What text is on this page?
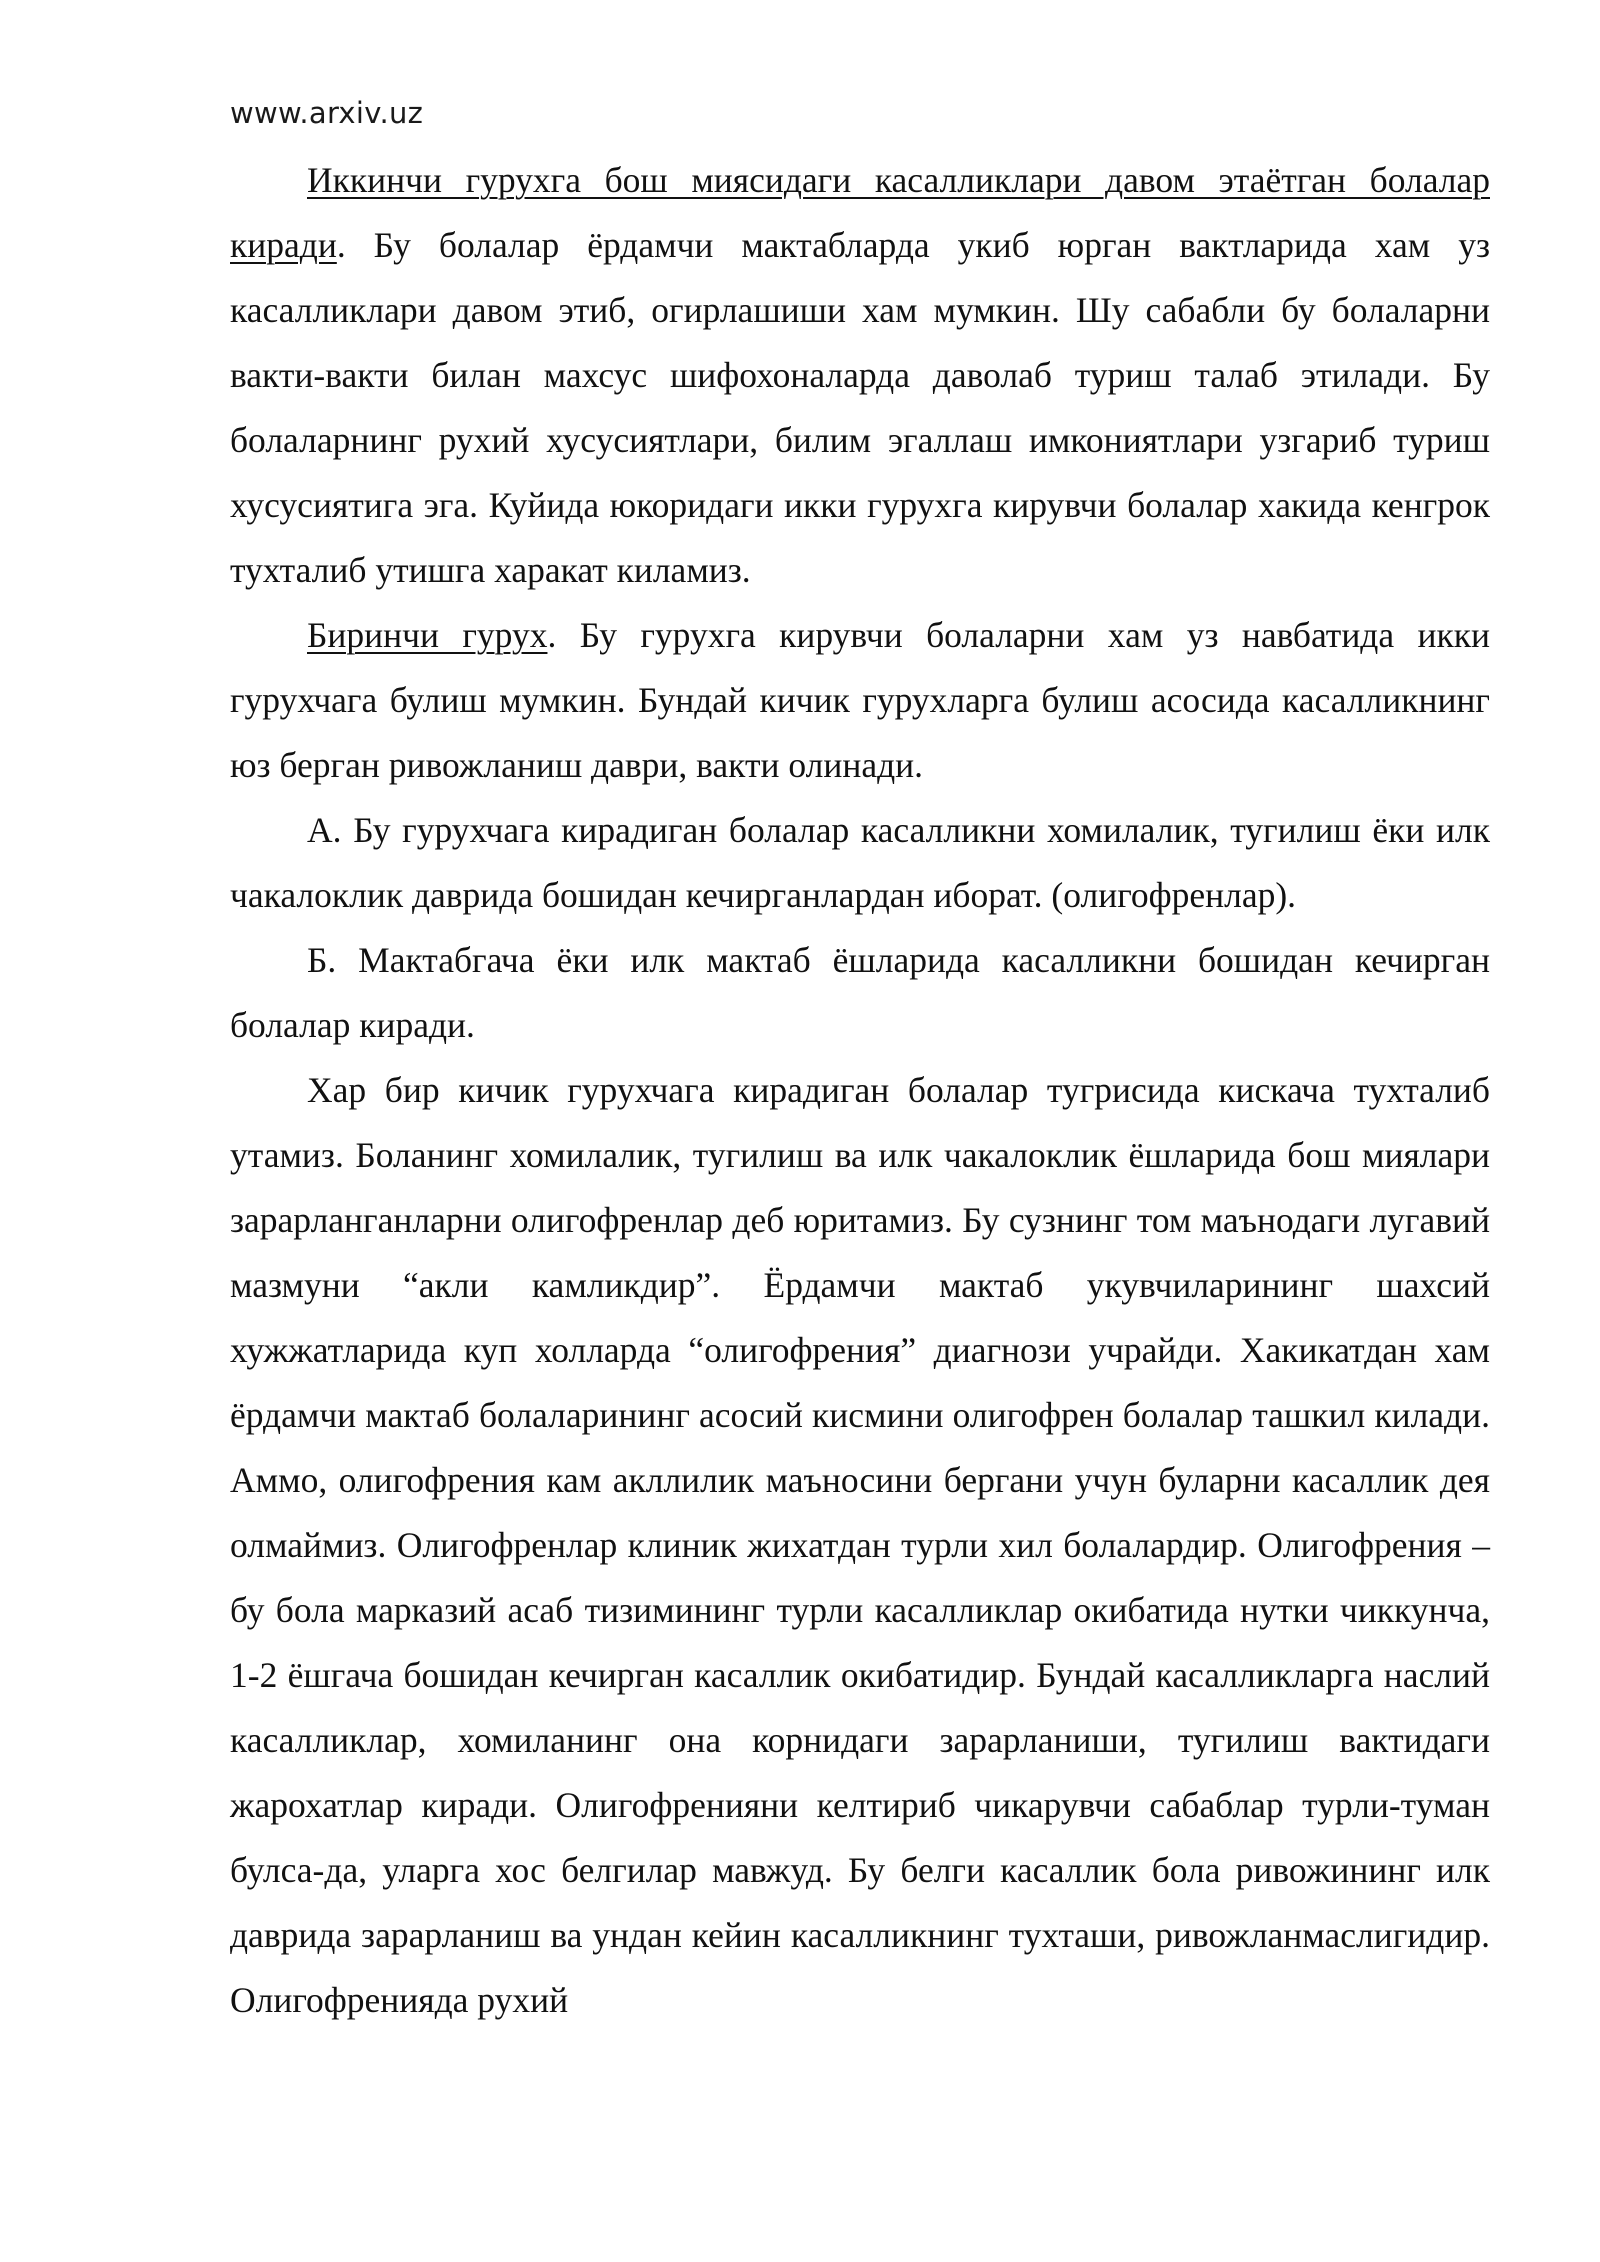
www.arxiv.uz

Иккинчи гурухга бош миясидаги касалликлари давом этаётган болалар киради. Бу болалар ёрдамчи мактабларда укиб юрган вактларида хам уз касалликлари давом этиб, огирлашиши хам мумкин. Шу сабабли бу болаларни вакти-вакти билан махсус шифохоналарда даволаб туриш талаб этилади. Бу болаларнинг рухий хусусиятлари, билим эгаллаш имкониятлари узгариб туриш хусусиятига эга. Куйида юкоридаги икки гурухга кирувчи болалар хакида кенгрок тухталиб утишга харакат киламиз.

Биринчи гурух. Бу гурухга кирувчи болаларни хам уз навбатида икки гурухчага булиш мумкин. Бундай кичик гурухларга булиш асосида касалликнинг юз берган ривожланиш даври, вакти олинади.

А. Бу гурухчага кирадиган болалар касалликни хомилалик, тугилиш ёки илк чакалоклик даврида бошидан кечирганлардан иборат. (олигофренлар).

Б. Мактабгача ёки илк мактаб ёшларида касалликни бошидан кечирган болалар киради.

Хар бир кичик гурухчага кирадиган болалар тугрисида кискача тухталиб утамиз. Боланинг хомилалик, тугилиш ва илк чакалоклик ёшларида бош миялари зарарланганларни олигофренлар деб юритамиз. Бу сузнинг том маънодаги лугавий мазмуни “акли камликдир”. Ёрдамчи мактаб укувчиларининг шахсий хужжатларида куп холларда “олигофрения” диагнози учрайди. Хакикатдан хам ёрдамчи мактаб болаларининг асосий кисмини олигофрен болалар ташкил килади. Аммо, олигофрения кам акллилик маъносини бергани учун буларни касаллик дея олмаймиз. Олигофренлар клиник жихатдан турли хил болалардир. Олигофрения – бу бола марказий асаб тизимининг турли касалликлар окибатида нутки чиккунча, 1-2 ёшгача бошидан кечирган касаллик окибатидир. Бундай касалликларга наслий касалликлар, хомиланинг она корнидаги зарарланиши, тугилиш вактидаги жарохатлар киради. Олигофренияни келтириб чикарувчи сабаблар турли-туман булса-да, уларга хос белгилар мавжуд. Бу белги касаллик бола ривожининг илк даврида зарарланиш ва ундан кейин касалликнинг тухташи, ривожланмаслигидир. Олигофренияда рухий
